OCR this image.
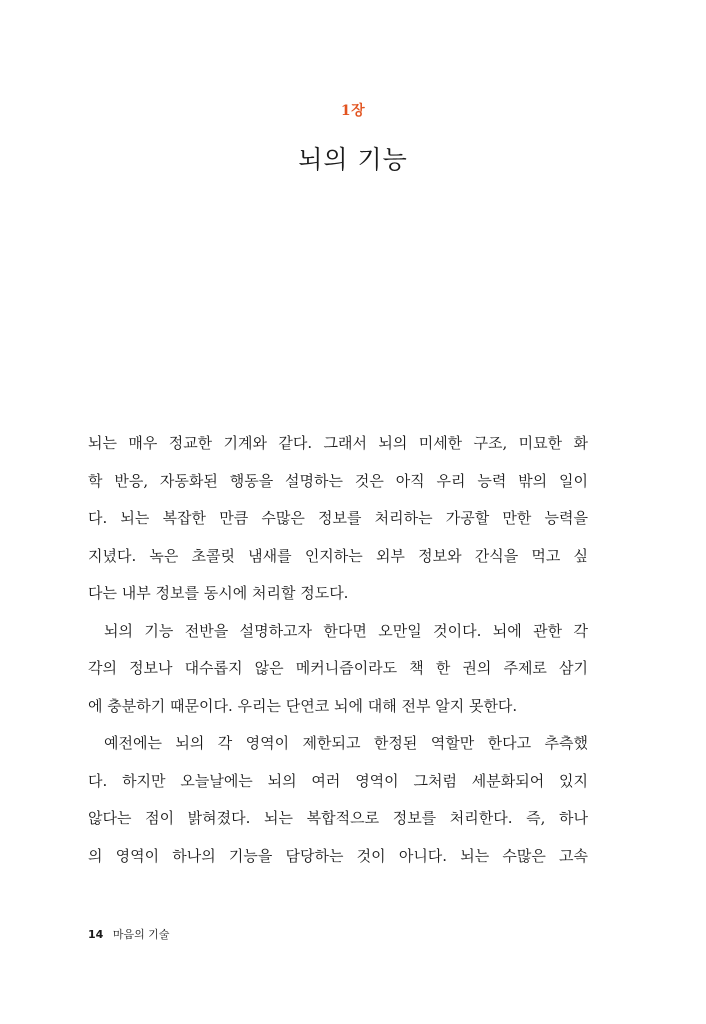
1장
뇌의 기능
뇌는 매우 정교한 기계와 같다. 그래서 뇌의 미세한 구조, 미묘한 화
학 반응, 자동화된 행동을 설명하는 것은 아직 우리 능력 밖의 일이
다. 뇌는 복잡한 만큼 수많은 정보를 처리하는 가공할 만한 능력을
지녔다. 녹은 초콜릿 냄새를 인지하는 외부 정보와 간식을 먹고 싶
다는 내부 정보를 동시에 처리할 정도다.
뇌의 기능 전반을 설명하고자 한다면 오만일 것이다. 뇌에 관한 각
각의 정보나 대수롭지 않은 메커니즘이라도 책 한 권의 주제로 삼기
에 충분하기 때문이다. 우리는 단연코 뇌에 대해 전부 알지 못한다.
예전에는 뇌의 각 영역이 제한되고 한정된 역할만 한다고 추측했
다. 하지만 오늘날에는 뇌의 여러 영역이 그처럼 세분화되어 있지
않다는 점이 밝혀졌다. 뇌는 복합적으로 정보를 처리한다. 즉, 하나
의 영역이 하나의 기능을 담당하는 것이 아니다. 뇌는 수많은 고속
14 마음의 기술
